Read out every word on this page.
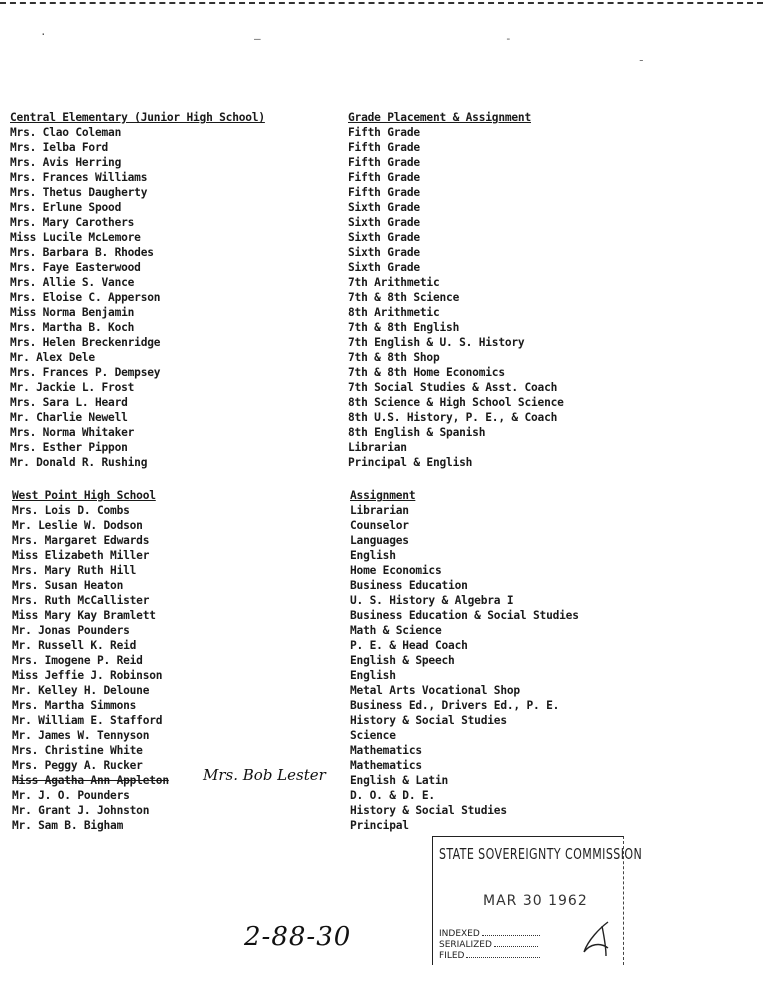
·	‒	-
¯
Central Elementary (Junior High School)
Mrs. Clao Coleman
Mrs. Ielba Ford
Mrs. Avis Herring
Mrs. Frances Williams
Mrs. Thetus Daugherty
Mrs. Erlune Spood
Mrs. Mary Carothers
Miss Lucile McLemore
Mrs. Barbara B. Rhodes
Mrs. Faye Easterwood
Mrs. Allie S. Vance
Mrs. Eloise C. Apperson
Miss Norma Benjamin
Mrs. Martha B. Koch
Mrs. Helen Breckenridge
Mr. Alex Dele
Mrs. Frances P. Dempsey
Mr. Jackie L. Frost
Mrs. Sara L. Heard
Mr. Charlie Newell
Mrs. Norma Whitaker
Mrs. Esther Pippon
Mr. Donald R. Rushing
Grade Placement & Assignment
Fifth Grade
Fifth Grade
Fifth Grade
Fifth Grade
Fifth Grade
Sixth Grade
Sixth Grade
Sixth Grade
Sixth Grade
Sixth Grade
7th Arithmetic
7th & 8th Science
8th Arithmetic
7th & 8th English
7th English & U. S. History
7th & 8th Shop
7th & 8th Home Economics
7th Social Studies & Asst. Coach
8th Science & High School Science
8th U.S. History, P. E., & Coach
8th English & Spanish
Librarian
Principal & English
West Point High School
Mrs. Lois D. Combs
Mr. Leslie W. Dodson
Mrs. Margaret Edwards
Miss Elizabeth Miller
Mrs. Mary Ruth Hill
Mrs. Susan Heaton
Mrs. Ruth McCallister
Miss Mary Kay Bramlett
Mr. Jonas Pounders
Mr. Russell K. Reid
Mrs. Imogene P. Reid
Miss Jeffie J. Robinson
Mr. Kelley H. Deloune
Mrs. Martha Simmons
Mr. William E. Stafford
Mr. James W. Tennyson
Mrs. Christine White
Mrs. Peggy A. Rucker
Miss Agatha Ann Appleton
Mr. J. O. Pounders
Mr. Grant J. Johnston
Mr. Sam B. Bigham
Assignment
Librarian
Counselor
Languages
English
Home Economics
Business Education
U. S. History & Algebra I
Business Education & Social Studies
Math & Science
P. E. & Head Coach
English & Speech
English
Metal Arts Vocational Shop
Business Ed., Drivers Ed., P. E.
History & Social Studies
Science
Mathematics
Mathematics
English & Latin
D. O. & D. E.
History & Social Studies
Principal
Mrs. Bob Lester
2-88-30
STATE SOVEREIGNTY COMMISSION
MAR 30 1962
INDEXED
SERIALIZED
FILED
